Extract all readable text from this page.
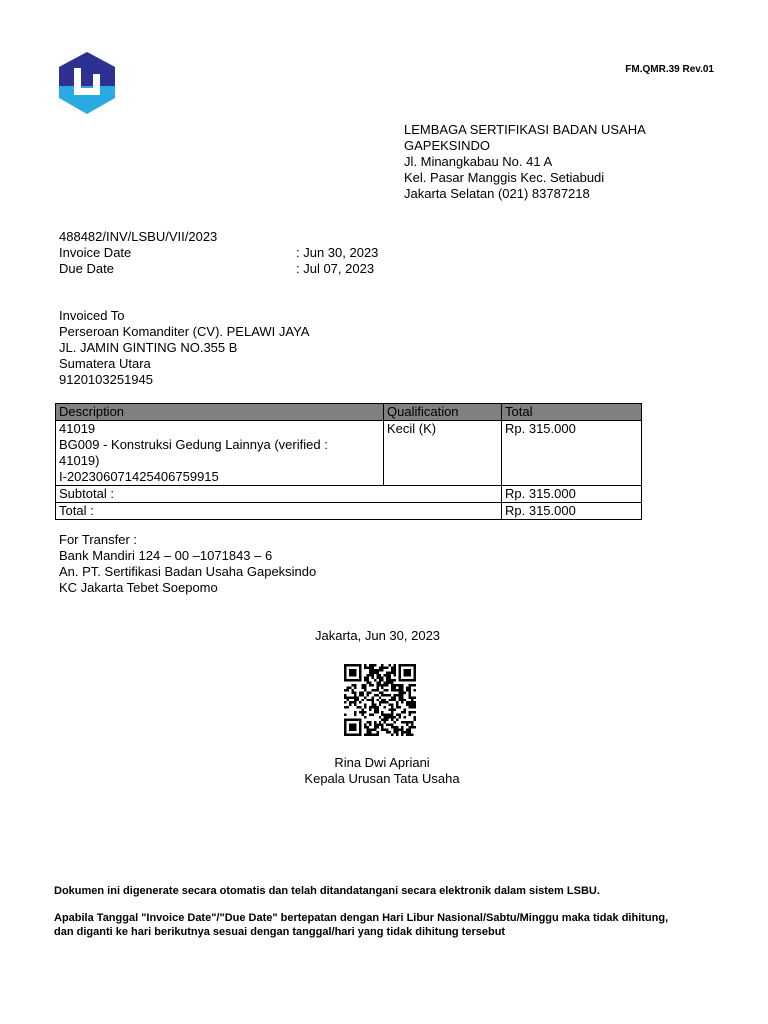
FM.QMR.39 Rev.01
LEMBAGA SERTIFIKASI BADAN USAHA
GAPEKSINDO
Jl. Minangkabau No. 41 A
Kel. Pasar Manggis Kec. Setiabudi
Jakarta Selatan (021) 83787218
488482/INV/LSBU/VII/2023
Invoice Date	: Jun 30, 2023
Due Date	: Jul 07, 2023
Invoiced To
Perseroan Komanditer (CV). PELAWI JAYA
JL. JAMIN GINTING NO.355 B
Sumatera Utara
9120103251945
Description	Qualification	Total

41019
BG009 - Konstruksi Gedung Lainnya (verified :
41019)
I-202306071425406759915	Kecil (K)	Rp. 315.000
Subtotal :		Rp. 315.000
Total :		Rp. 315.000
For Transfer :
Bank Mandiri 124 – 00 –1071843 – 6
An. PT. Sertifikasi Badan Usaha Gapeksindo
KC Jakarta Tebet Soepomo
Jakarta, Jun 30, 2023
Rina Dwi Apriani
Kepala Urusan Tata Usaha
Dokumen ini digenerate secara otomatis dan telah ditandatangani secara elektronik dalam sistem LSBU.
Apabila Tanggal "Invoice Date"/"Due Date" bertepatan dengan Hari Libur Nasional/Sabtu/Minggu maka tidak dihitung,
dan diganti ke hari berikutnya sesuai dengan tanggal/hari yang tidak dihitung tersebut
